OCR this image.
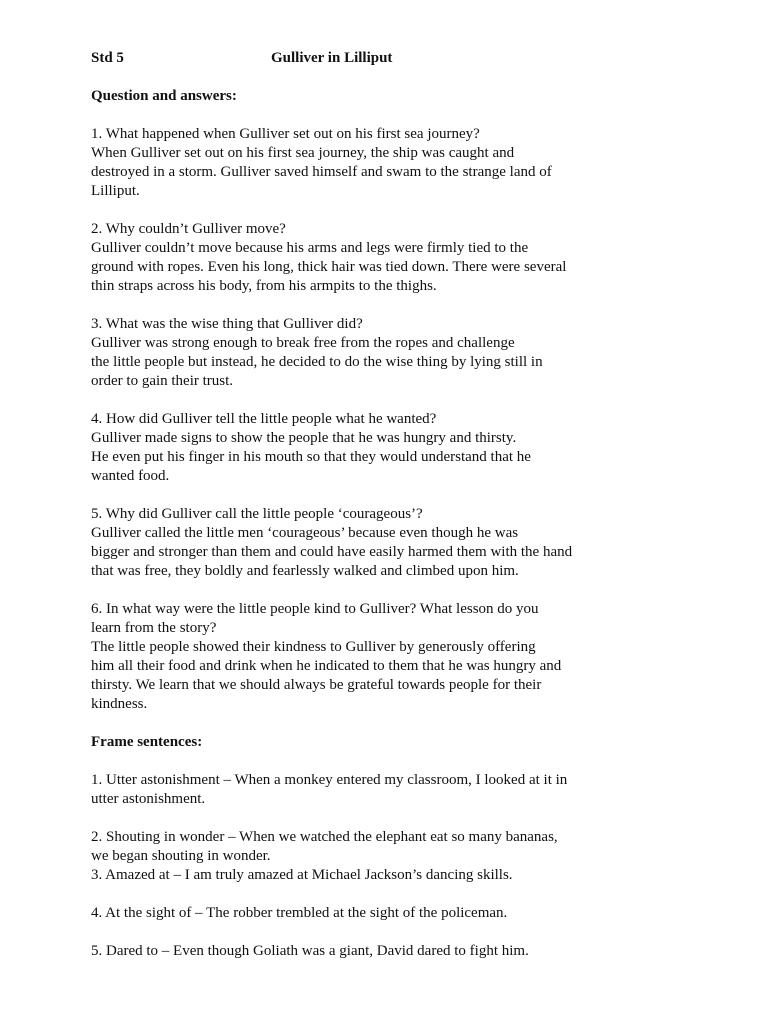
Std 5	Gulliver in Lilliput
Question and answers:
1. What happened when Gulliver set out on his first sea journey?
When Gulliver set out on his first sea journey, the ship was caught and
destroyed in a storm. Gulliver saved himself and swam to the strange land of
Lilliput.
2. Why couldn’t Gulliver move?
Gulliver couldn’t move because his arms and legs were firmly tied to the
ground with ropes. Even his long, thick hair was tied down. There were several
thin straps across his body, from his armpits to the thighs.
3. What was the wise thing that Gulliver did?
Gulliver was strong enough to break free from the ropes and challenge
the little people but instead, he decided to do the wise thing by lying still in
order to gain their trust.
4. How did Gulliver tell the little people what he wanted?
Gulliver made signs to show the people that he was hungry and thirsty.
He even put his finger in his mouth so that they would understand that he
wanted food.
5. Why did Gulliver call the little people ‘courageous’?
Gulliver called the little men ‘courageous’ because even though he was
bigger and stronger than them and could have easily harmed them with the hand
that was free, they boldly and fearlessly walked and climbed upon him.
6. In what way were the little people kind to Gulliver? What lesson do you
learn from the story?
The little people showed their kindness to Gulliver by generously offering
him all their food and drink when he indicated to them that he was hungry and
thirsty. We learn that we should always be grateful towards people for their
kindness.
Frame sentences:
1. Utter astonishment – When a monkey entered my classroom, I looked at it in
utter astonishment.
2. Shouting in wonder – When we watched the elephant eat so many bananas,
we began shouting in wonder.
3. Amazed at – I am truly amazed at Michael Jackson’s dancing skills.
4. At the sight of – The robber trembled at the sight of the policeman.
5. Dared to – Even though Goliath was a giant, David dared to fight him.
